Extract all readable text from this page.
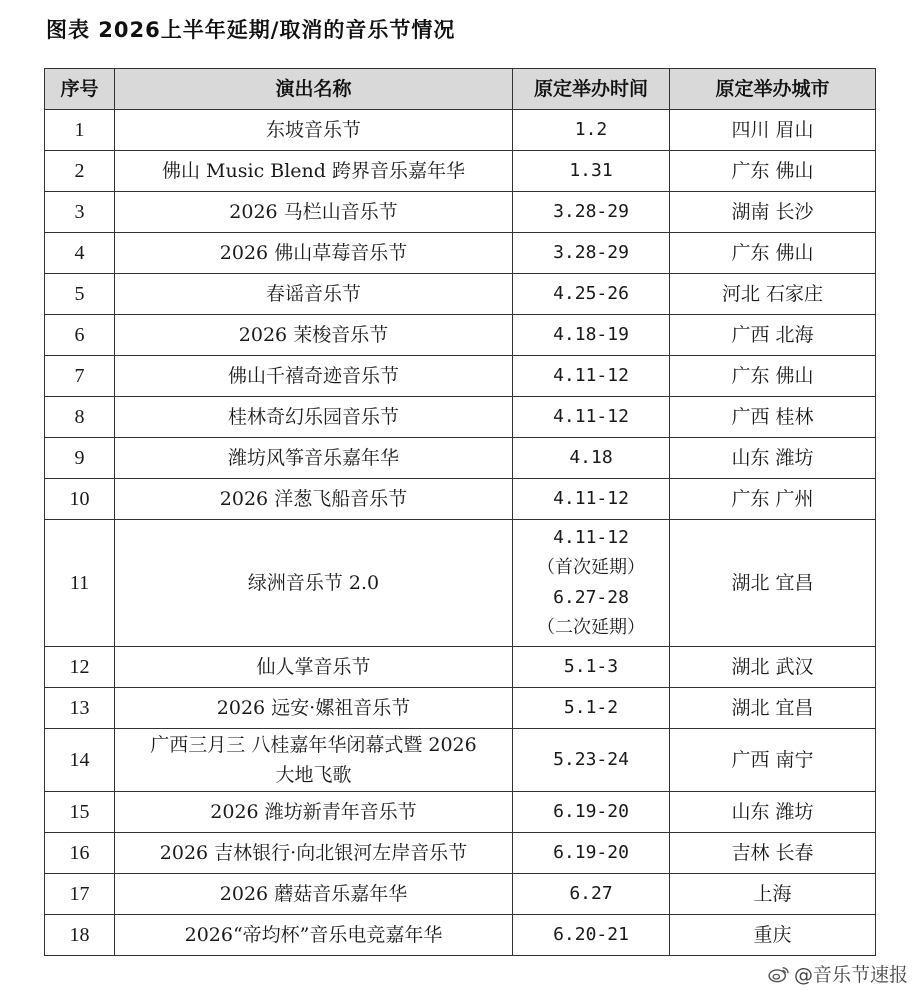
图表 2026上半年延期/取消的音乐节情况
序号	演出名称	原定举办时间	原定举办城市
1	东坡音乐节	1.2	四川 眉山
2	佛山 Music Blend 跨界音乐嘉年华	1.31	广东 佛山
3	2026 马栏山音乐节	3.28-29	湖南 长沙
4	2026 佛山草莓音乐节	3.28-29	广东 佛山
5	春谣音乐节	4.25-26	河北 石家庄
6	2026 茉梭音乐节	4.18-19	广西 北海
7	佛山千禧奇迹音乐节	4.11-12	广东 佛山
8	桂林奇幻乐园音乐节	4.11-12	广西 桂林
9	潍坊风筝音乐嘉年华	4.18	山东 潍坊
10	2026 洋葱飞船音乐节	4.11-12	广东 广州
11	绿洲音乐节 2.0	4.11-12
（首次延期）
6.27-28
（二次延期）	湖北 宜昌
12	仙人掌音乐节	5.1-3	湖北 武汉
13	2026 远安·嫘祖音乐节	5.1-2	湖北 宜昌
14	广西三月三 八桂嘉年华闭幕式暨 2026
大地飞歌	5.23-24	广西 南宁
15	2026 潍坊新青年音乐节	6.19-20	山东 潍坊
16	2026 吉林银行·向北银河左岸音乐节	6.19-20	吉林 长春
17	2026 蘑菇音乐嘉年华	6.27	上海
18	2026“帝均杯”音乐电竞嘉年华	6.20-21	重庆
@音乐节速报
